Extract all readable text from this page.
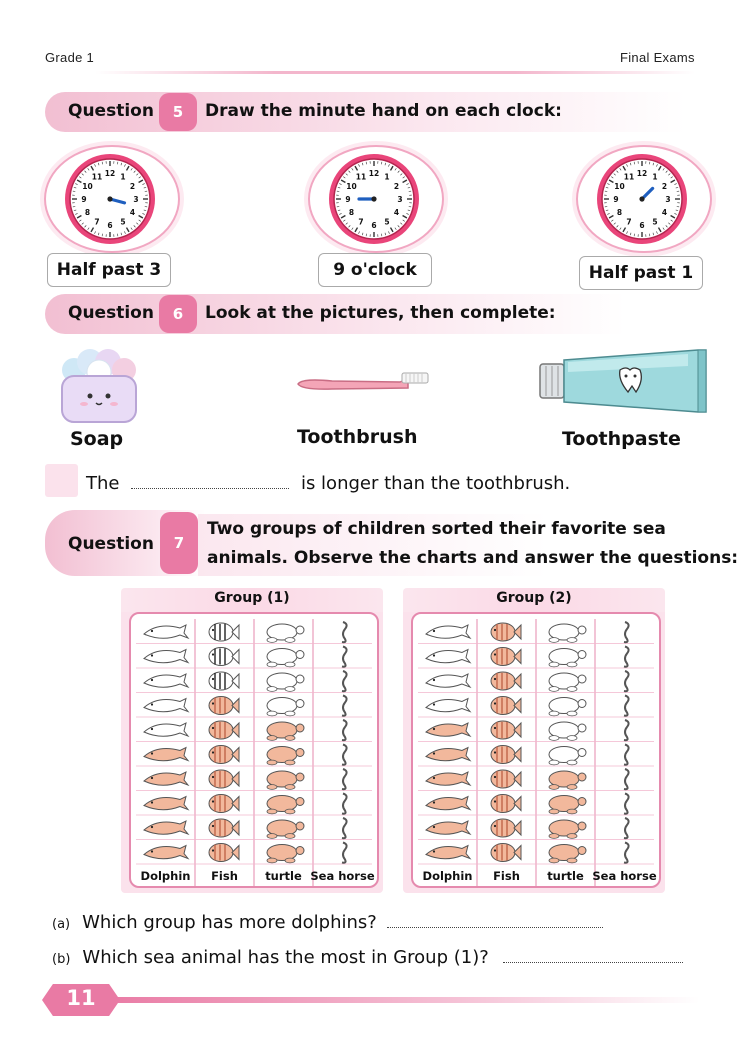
Grade 1	Final Exams
Question	5	Draw the minute hand on each clock:
12 1
2
3
4
5
6
7
8
9
10
11	12 1
2
3
4
5
6
7
8
9
10
11	12 1
2
3
4
5
6
7
8
9
10
11
Half past 3	9 o'clock	Half past 1
Question	6	Look at the pictures, then complete:
Soap	Toothbrush	Toothpaste
The	is longer than the toothbrush.
Question	7
Two groups of children sorted their favorite sea
animals. Observe the charts and answer the questions:
Group (1)
Dolphin Fish turtle Sea horse
Group (2)
Dolphin Fish turtle Sea horse
(a) Which group has more dolphins?
(b) Which sea animal has the most in Group (1)?
11
